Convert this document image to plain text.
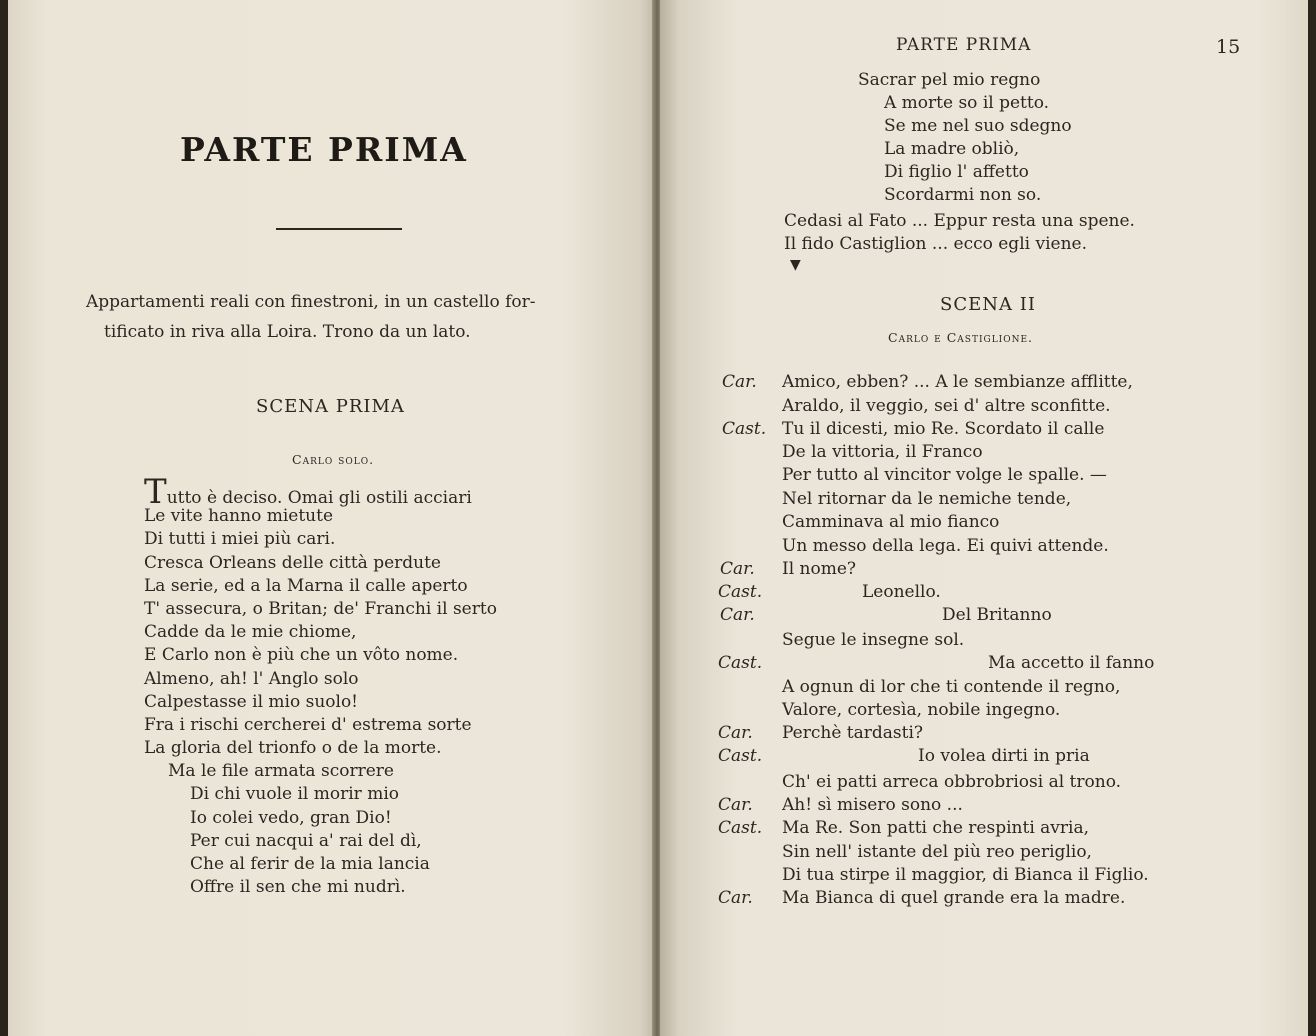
PARTE PRIMA
Appartamenti reali con finestroni, in un castello for-
tificato in riva alla Loira. Trono da un lato.
SCENA PRIMA
Carlo solo.
Tutto è deciso. Omai gli ostili acciari
Le vite hanno mietute
Di tutti i miei più cari.
Cresca Orleans delle città perdute
La serie, ed a la Marna il calle aperto
T' assecura, o Britan; de' Franchi il serto
Cadde da le mie chiome,
E Carlo non è più che un vôto nome.
Almeno, ah! l' Anglo solo
Calpestasse il mio suolo!
Fra i rischi cercherei d' estrema sorte
La gloria del trionfo o de la morte.
Ma le file armata scorrere
Di chi vuole il morir mio
Io colei vedo, gran Dio!
Per cui nacqui a' rai del dì,
Che al ferir de la mia lancia
Offre il sen che mi nudrì.
PARTE PRIMA	15
Sacrar pel mio regno
A morte so il petto.
Se me nel suo sdegno
La madre obliò,
Di figlio l' affetto
Scordarmi non so.
Cedasi al Fato ... Eppur resta una spene.
Il fido Castiglion ... ecco egli viene.
▼
SCENA II
Carlo e Castiglione.
Car. Amico, ebben? ... A le sembianze afflitte,
Araldo, il veggio, sei d' altre sconfitte.
Cast. Tu il dicesti, mio Re. Scordato il calle
De la vittoria, il Franco
Per tutto al vincitor volge le spalle. —
Nel ritornar da le nemiche tende,
Camminava al mio fianco
Un messo della lega. Ei quivi attende.
Car. Il nome?
Cast.	Leonello.
Car.	Del Britanno
Segue le insegne sol.
Cast.	Ma accetto il fanno
A ognun di lor che ti contende il regno,
Valore, cortesìa, nobile ingegno.
Car. Perchè tardasti?
Cast.	Io volea dirti in pria
Ch' ei patti arreca obbrobriosi al trono.
Car. Ah! sì misero sono ...
Cast. Ma Re. Son patti che respinti avria,
Sin nell' istante del più reo periglio,
Di tua stirpe il maggior, di Bianca il Figlio.
Car. Ma Bianca di quel grande era la madre.
